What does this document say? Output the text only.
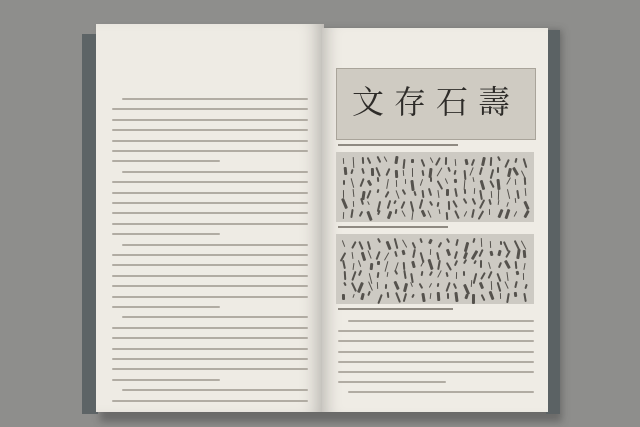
文存石壽
